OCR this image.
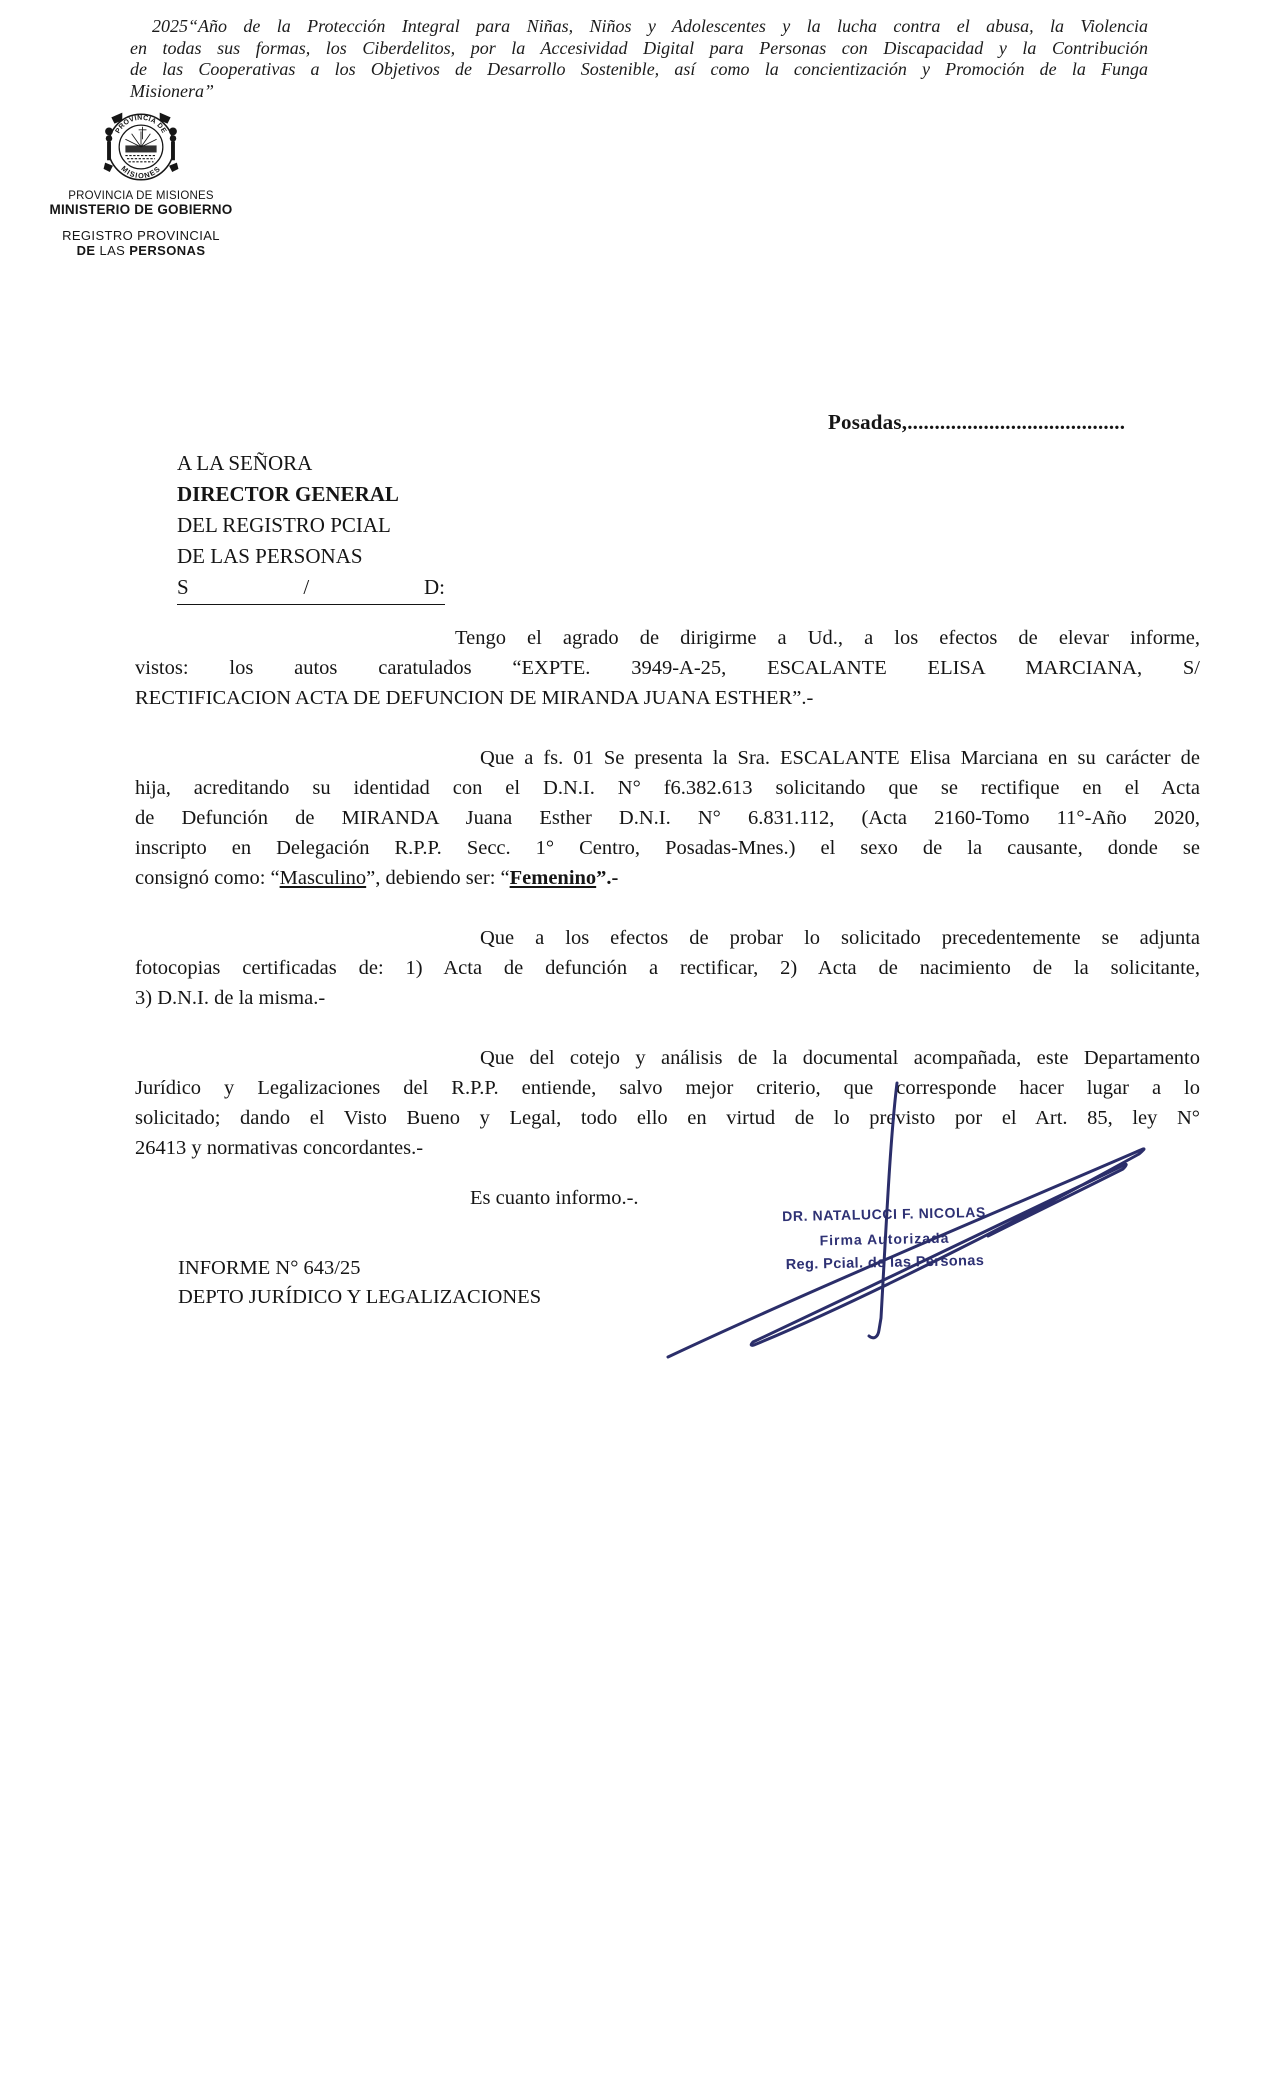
2025“Año de la Protección Integral para Niñas, Niños y Adolescentes y la lucha contra el abusa, la Violencia
en todas sus formas, los Ciberdelitos, por la Accesividad Digital para Personas con Discapacidad y la Contribución
de las Cooperativas a los Objetivos de Desarrollo Sostenible, así como la concientización y Promoción de la Funga
Misionera”
PROVINCIA DE
MISIONES
PROVINCIA DE MISIONES
MINISTERIO DE GOBIERNO
REGISTRO PROVINCIAL
DE LAS PERSONAS
Posadas,........................................
A LA SEÑORA
DIRECTOR GENERAL
DEL REGISTRO PCIAL
DE LAS PERSONAS
S	/	D:
Tengo el agrado de dirigirme a Ud., a los efectos de elevar informe,
vistos: los autos caratulados “EXPTE. 3949-A-25, ESCALANTE ELISA MARCIANA, S/
RECTIFICACION ACTA DE DEFUNCION DE MIRANDA JUANA ESTHER”.-
Que a fs. 01 Se presenta la Sra. ESCALANTE Elisa Marciana en su carácter de
hija, acreditando su identidad con el D.N.I. N° f6.382.613 solicitando que se rectifique en el Acta
de Defunción de MIRANDA Juana Esther D.N.I. N° 6.831.112, (Acta 2160-Tomo 11°-Año 2020,
inscripto en Delegación R.P.P. Secc. 1° Centro, Posadas-Mnes.) el sexo de la causante, donde se
consignó como: “Masculino”, debiendo ser: “Femenino”.-
Que a los efectos de probar lo solicitado precedentemente se adjunta
fotocopias certificadas de: 1) Acta de defunción a rectificar, 2) Acta de nacimiento de la solicitante,
3) D.N.I. de la misma.-
Que del cotejo y análisis de la documental acompañada, este Departamento
Jurídico y Legalizaciones del R.P.P. entiende, salvo mejor criterio, que corresponde hacer lugar a lo
solicitado; dando el Visto Bueno y Legal, todo ello en virtud de lo previsto por el Art. 85, ley N°
26413 y normativas concordantes.-
Es cuanto informo.-.
DR. NATALUCCI F. NICOLAS
Firma Autorizada
Reg. Pcial. de las Personas
INFORME N° 643/25
DEPTO JURÍDICO Y LEGALIZACIONES
